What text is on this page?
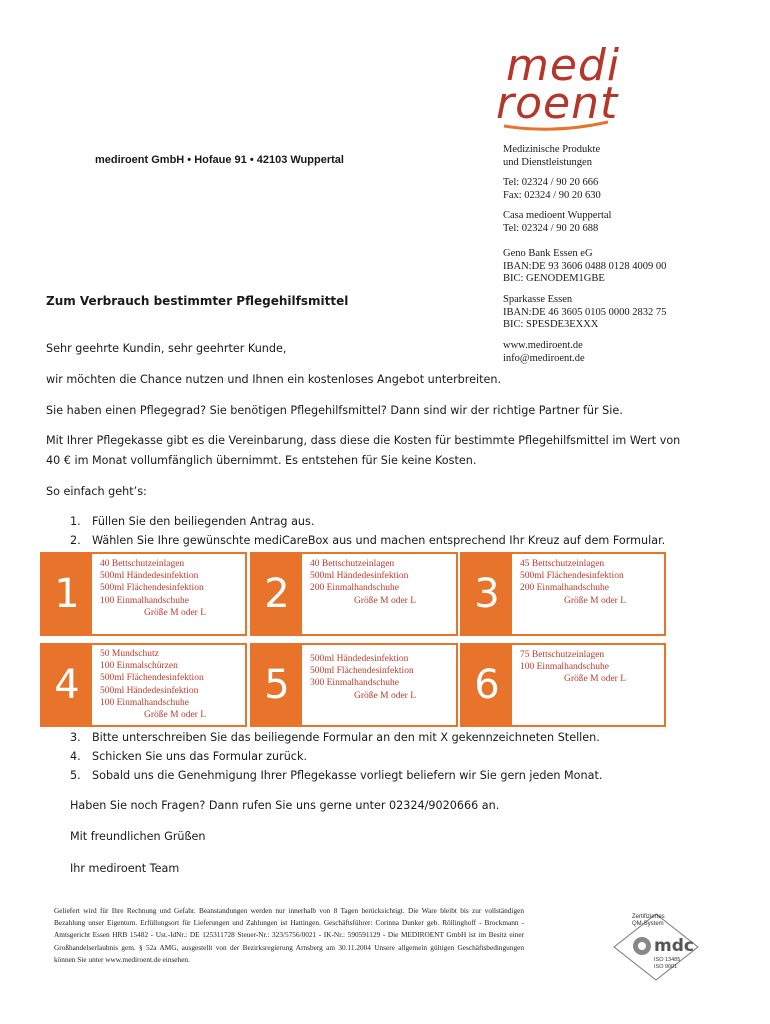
medi
roent
mediroent GmbH • Hofaue 91 • 42103 Wuppertal
Medizinische Produkte
und Dienstleistungen
Tel: 02324 / 90 20 666
Fax: 02324 / 90 20 630
Casa medioent Wuppertal
Tel: 02324 / 90 20 688
Geno Bank Essen eG
IBAN:DE 93 3606 0488 0128 4009 00
BIC: GENODEM1GBE
Sparkasse Essen
IBAN:DE 46 3605 0105 0000 2832 75
BIC: SPESDE3EXXX
www.mediroent.de
info@mediroent.de
Zum Verbrauch bestimmter Pflegehilfsmittel
Sehr geehrte Kundin, sehr geehrter Kunde,
wir möchten die Chance nutzen und Ihnen ein kostenloses Angebot unterbreiten.
Sie haben einen Pflegegrad? Sie benötigen Pflegehilfsmittel? Dann sind wir der richtige Partner für Sie.
Mit Ihrer Pflegekasse gibt es die Vereinbarung, dass diese die Kosten für bestimmte Pflegehilfsmittel im Wert von
40 € im Monat vollumfänglich übernimmt. Es entstehen für Sie keine Kosten.
So einfach geht’s:
1. Füllen Sie den beiliegenden Antrag aus.
2. Wählen Sie Ihre gewünschte mediCareBox aus und machen entsprechend Ihr Kreuz auf dem Formular.
1
40 Bettschutzeinlagen
500ml Händedesinfektion
500ml Flächendesinfektion
100 Einmalhandschuhe
Größe M oder L	2
40 Bettschutzeinlagen
500ml Händedesinfektion
200 Einmalhandschuhe
Größe M oder L	3
45 Bettschutzeinlagen
500ml Flächendesinfektion
200 Einmalhandschuhe
Größe M oder L
4
50 Mundschutz
100 Einmalschürzen
500ml Flächendesinfektion
500ml Händedesinfektion
100 Einmalhandschuhe
Größe M oder L
5
500ml Händedesinfektion
500ml Flächendesinfektion
300 Einmalhandschuhe
Größe M oder L	6
75 Bettschutzeinlagen
100 Einmalhandschuhe
Größe M oder L
3. Bitte unterschreiben Sie das beiliegende Formular an den mit X gekennzeichneten Stellen.
4. Schicken Sie uns das Formular zurück.
5. Sobald uns die Genehmigung Ihrer Pflegekasse vorliegt beliefern wir Sie gern jeden Monat.
Haben Sie noch Fragen? Dann rufen Sie uns gerne unter 02324/9020666 an.
Mit freundlichen Grüßen
Ihr mediroent Team
Geliefert wird für Ihre Rechnung und Gefahr. Beanstandungen werden nur innerhalb von 8 Tagen berücksichtigt. Die Ware bleibt bis zur vollständigen Bezahlung unser Eigentum. Erfüllungsort für Lieferungen und Zahlungen ist Hattingen. Geschäftsführer: Corinna Dunker geb. Röllinghoff - Brockmann - Amtsgericht Essen HRB 15482 - Ust.-IdNr.: DE 125311728 Steuer-Nr.: 323/5756/0021 - IK-Nr.: 590591129 - Die MEDIROENT GmbH ist im Besitz einer Großhandelserlaubnis gem. § 52a AMG, ausgestellt von der Bezirksregierung Arnsberg am 30.11.2004 Unsere allgemein gültigen Geschäftsbedingungen können Sie unter www.mediroent.de einsehen.
Zertifiziertes
QM-System
mdc
ISO 13485
ISO 9001
